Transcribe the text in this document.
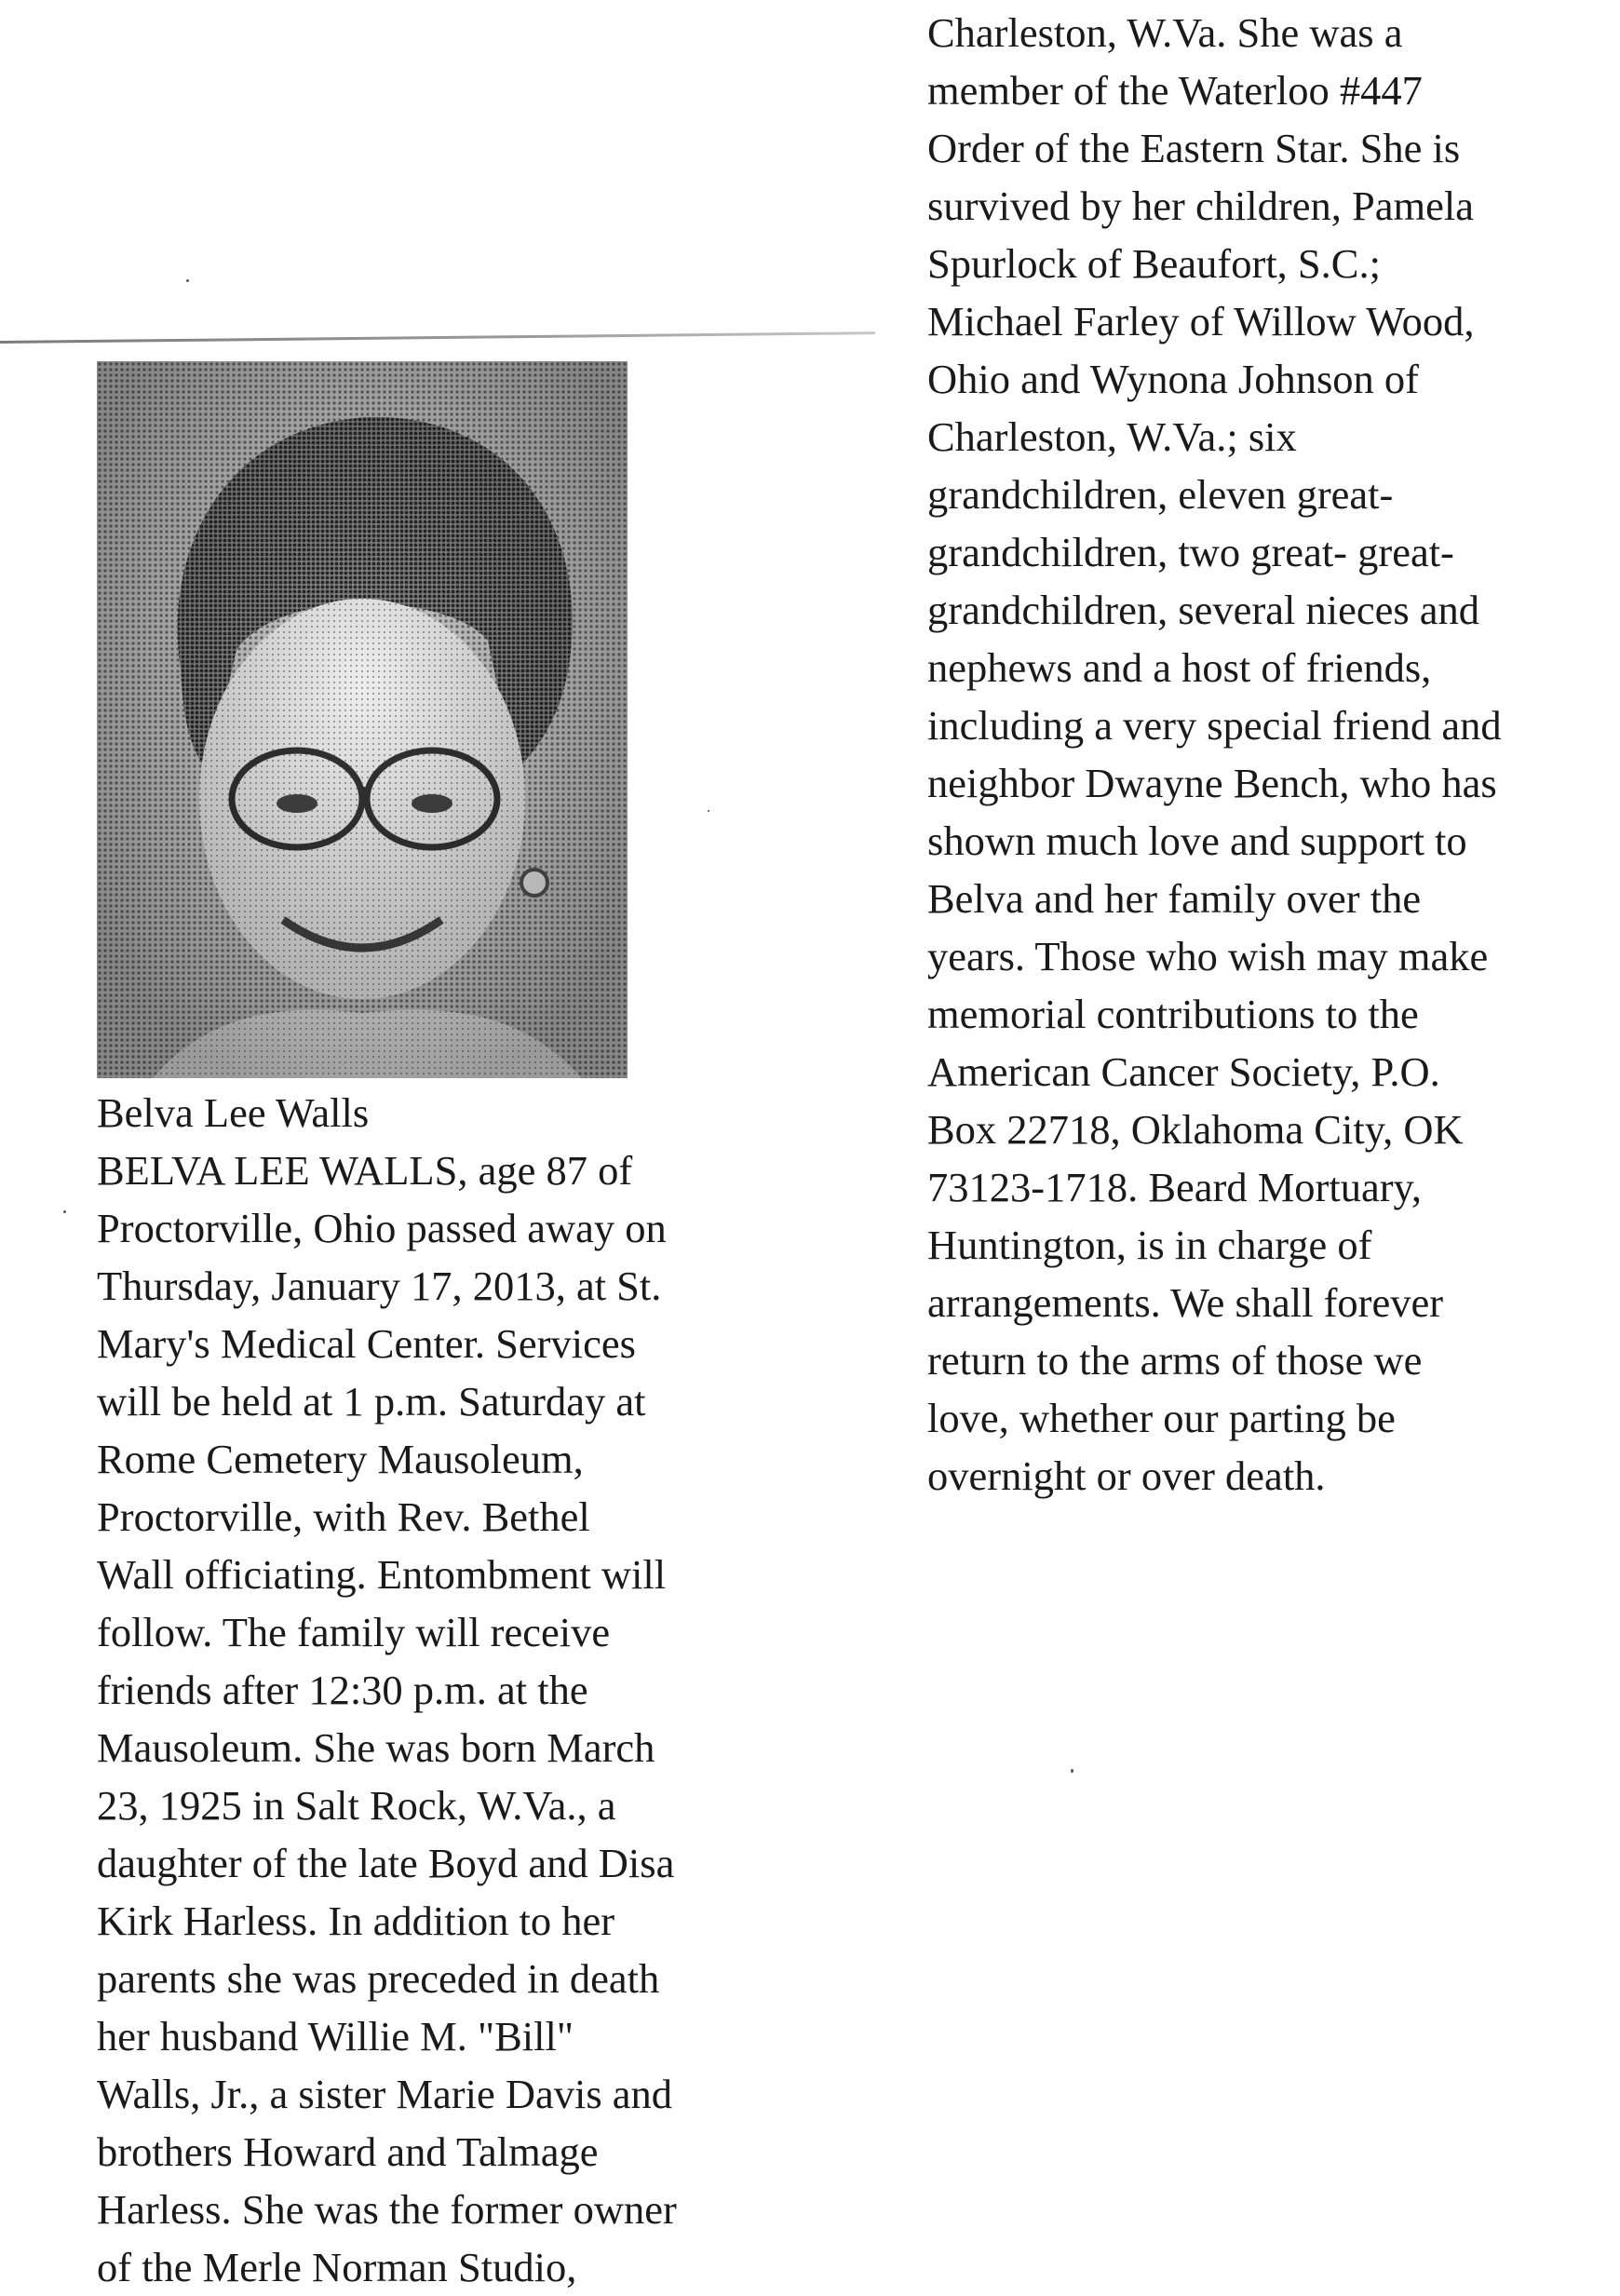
Belva Lee Walls
BELVA LEE WALLS, age 87 of
Proctorville, Ohio passed away on
Thursday, January 17, 2013, at St.
Mary's Medical Center. Services
will be held at 1 p.m. Saturday at
Rome Cemetery Mausoleum,
Proctorville, with Rev. Bethel
Wall officiating. Entombment will
follow. The family will receive
friends after 12:30 p.m. at the
Mausoleum. She was born March
23, 1925 in Salt Rock, W.Va., a
daughter of the late Boyd and Disa
Kirk Harless. In addition to her
parents she was preceded in death
her husband Willie M. "Bill"
Walls, Jr., a sister Marie Davis and
brothers Howard and Talmage
Harless. She was the former owner
of the Merle Norman Studio,
Charleston, W.Va. She was a
member of the Waterloo #447
Order of the Eastern Star. She is
survived by her children, Pamela
Spurlock of Beaufort, S.C.;
Michael Farley of Willow Wood,
Ohio and Wynona Johnson of
Charleston, W.Va.; six
grandchildren, eleven great-
grandchildren, two great- great-
grandchildren, several nieces and
nephews and a host of friends,
including a very special friend and
neighbor Dwayne Bench, who has
shown much love and support to
Belva and her family over the
years. Those who wish may make
memorial contributions to the
American Cancer Society, P.O.
Box 22718, Oklahoma City, OK
73123-1718. Beard Mortuary,
Huntington, is in charge of
arrangements. We shall forever
return to the arms of those we
love, whether our parting be
overnight or over death.
